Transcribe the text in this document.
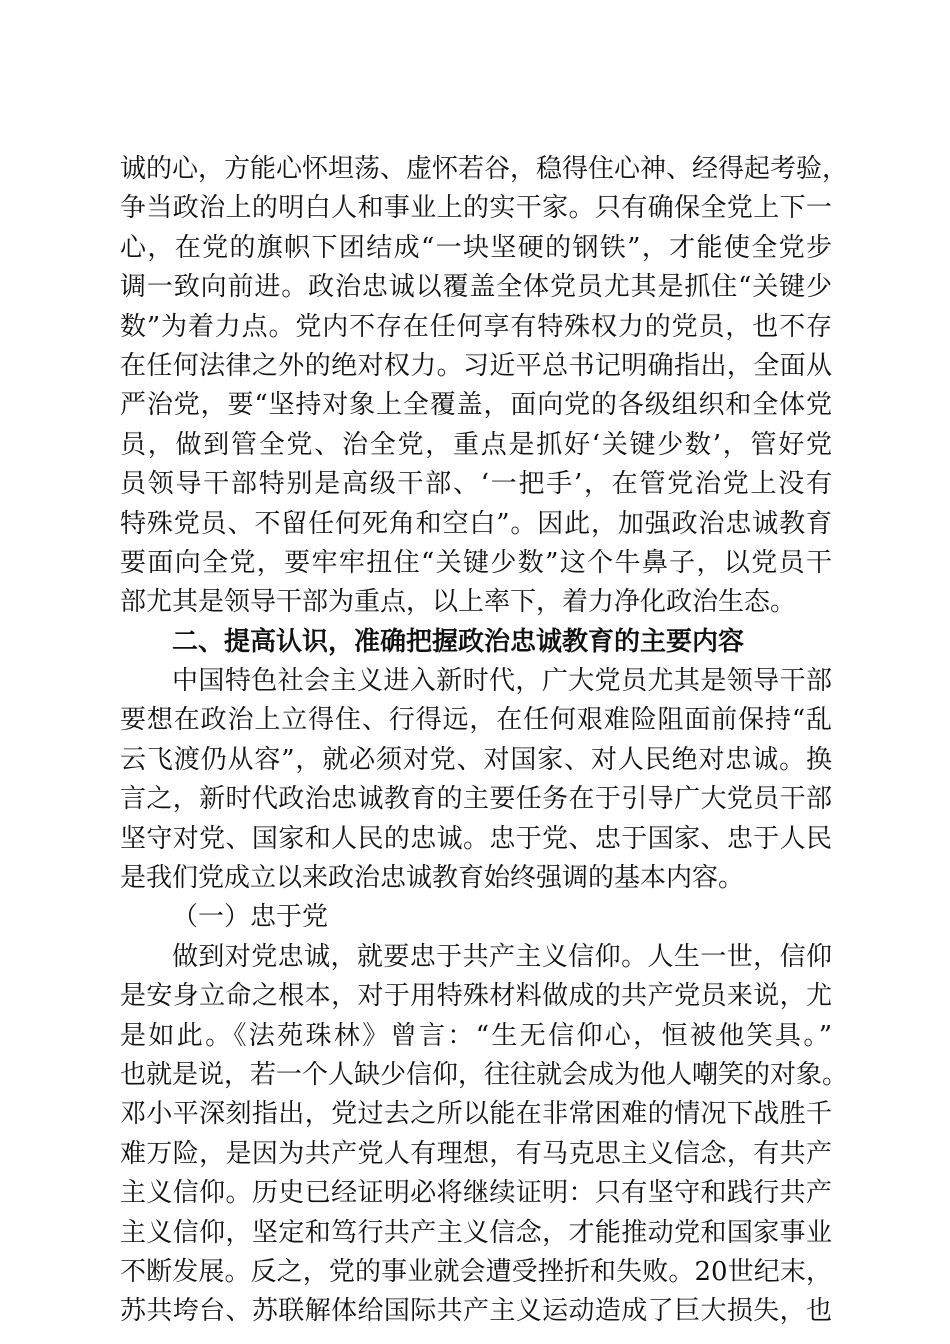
诚的心，方能心怀坦荡、虚怀若谷，稳得住心神、经得起考验，
争当政治上的明白人和事业上的实干家。只有确保全党上下一
心，在党的旗帜下团结成“一块坚硬的钢铁”，才能使全党步
调一致向前进。政治忠诚以覆盖全体党员尤其是抓住“关键少
数”为着力点。党内不存在任何享有特殊权力的党员，也不存
在任何法律之外的绝对权力。习近平总书记明确指出，全面从
严治党，要“坚持对象上全覆盖，面向党的各级组织和全体党
员，做到管全党、治全党，重点是抓好‘关键少数’，管好党
员领导干部特别是高级干部、‘一把手’，在管党治党上没有
特殊党员、不留任何死角和空白”。因此，加强政治忠诚教育
要面向全党，要牢牢扭住“关键少数”这个牛鼻子，以党员干
部尤其是领导干部为重点，以上率下，着力净化政治生态。
二、提高认识，准确把握政治忠诚教育的主要内容
中国特色社会主义进入新时代，广大党员尤其是领导干部
要想在政治上立得住、行得远，在任何艰难险阻面前保持“乱
云飞渡仍从容”，就必须对党、对国家、对人民绝对忠诚。换
言之，新时代政治忠诚教育的主要任务在于引导广大党员干部
坚守对党、国家和人民的忠诚。忠于党、忠于国家、忠于人民
是我们党成立以来政治忠诚教育始终强调的基本内容。
（一）忠于党
做到对党忠诚，就要忠于共产主义信仰。人生一世，信仰
是安身立命之根本，对于用特殊材料做成的共产党员来说，尤
是如此。《法苑珠林》曾言：“生无信仰心，恒被他笑具。”
也就是说，若一个人缺少信仰，往往就会成为他人嘲笑的对象。
邓小平深刻指出，党过去之所以能在非常困难的情况下战胜千
难万险，是因为共产党人有理想，有马克思主义信念，有共产
主义信仰。历史已经证明必将继续证明：只有坚守和践行共产
主义信仰，坚定和笃行共产主义信念，才能推动党和国家事业
不断发展。反之，党的事业就会遭受挫折和失败。20世纪末，
苏共垮台、苏联解体给国际共产主义运动造成了巨大损失，也
